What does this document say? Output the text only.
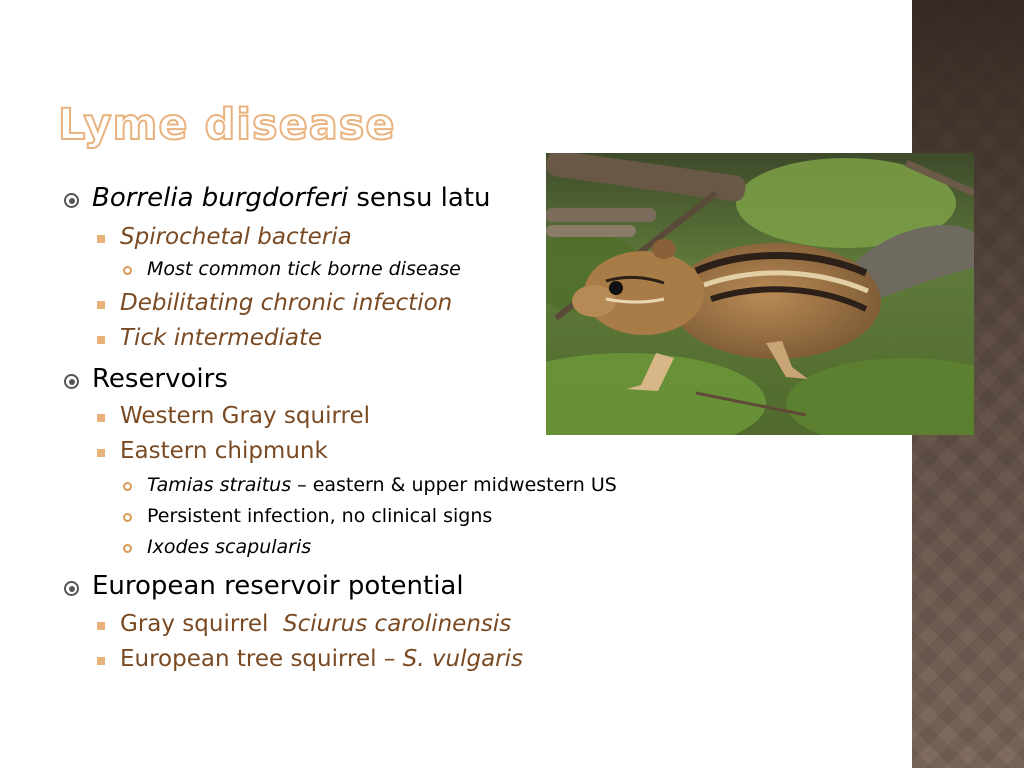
Lyme disease
Borrelia burgdorferi sensu latu
Spirochetal bacteria
Most common tick borne disease
Debilitating chronic infection
Tick intermediate
Reservoirs
Western Gray squirrel
Eastern chipmunk
Tamias straitus – eastern & upper midwestern US
Persistent infection, no clinical signs
Ixodes scapularis
European reservoir potential
Gray squirrel  Sciurus carolinensis
European tree squirrel – S. vulgaris
